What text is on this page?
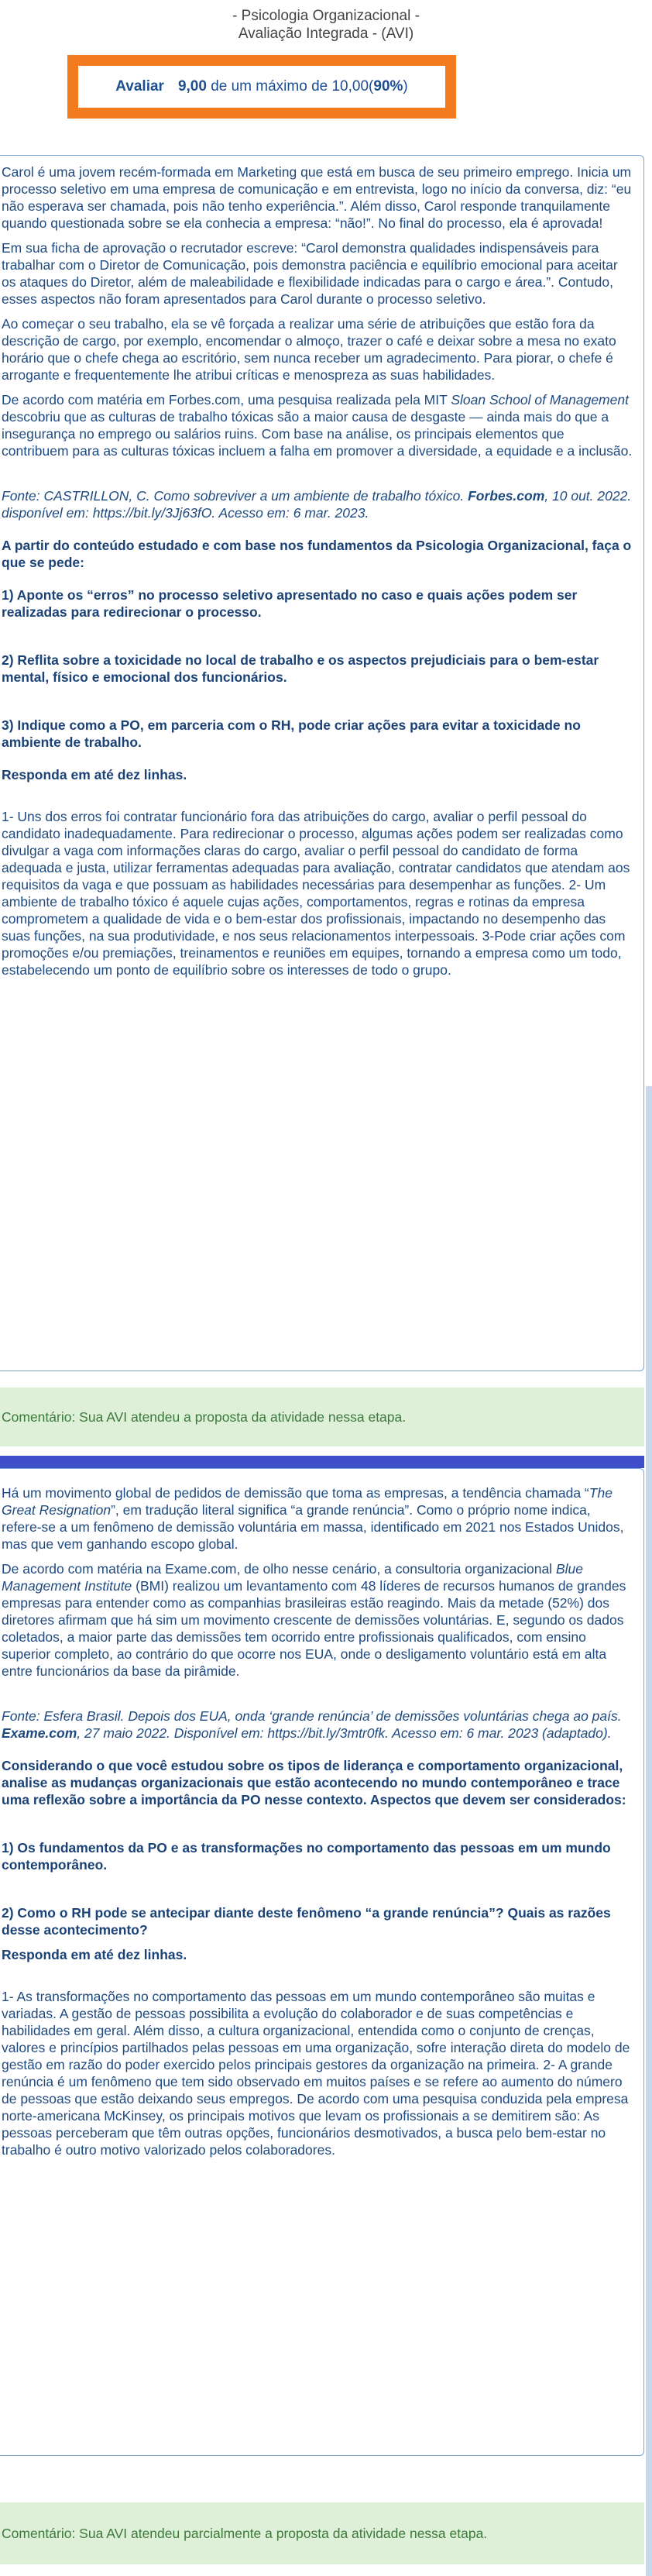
- Psicologia Organizacional -
Avaliação Integrada - (AVI)
Avaliar 9,00 de um máximo de 10,00(90%)

Carol é uma jovem recém-formada em Marketing que está em busca de seu primeiro emprego. Inicia um processo seletivo em uma empresa de comunicação e em entrevista, logo no início da conversa, diz: “eu não esperava ser chamada, pois não tenho experiência.”. Além disso, Carol responde tranquilamente quando questionada sobre se ela conhecia a empresa: “não!”. No final do processo, ela é aprovada!

Em sua ficha de aprovação o recrutador escreve: “Carol demonstra qualidades indispensáveis para trabalhar com o Diretor de Comunicação, pois demonstra paciência e equilíbrio emocional para aceitar os ataques do Diretor, além de maleabilidade e flexibilidade indicadas para o cargo e área.”. Contudo, esses aspectos não foram apresentados para Carol durante o processo seletivo.

Ao começar o seu trabalho, ela se vê forçada a realizar uma série de atribuições que estão fora da descrição de cargo, por exemplo, encomendar o almoço, trazer o café e deixar sobre a mesa no exato horário que o chefe chega ao escritório, sem nunca receber um agradecimento. Para piorar, o chefe é arrogante e frequentemente lhe atribui críticas e menospreza as suas habilidades.

De acordo com matéria em Forbes.com, uma pesquisa realizada pela MIT Sloan School of Management descobriu que as culturas de trabalho tóxicas são a maior causa de desgaste — ainda mais do que a insegurança no emprego ou salários ruins. Com base na análise, os principais elementos que contribuem para as culturas tóxicas incluem a falha em promover a diversidade, a equidade e a inclusão.

Fonte: CASTRILLON, C. Como sobreviver a um ambiente de trabalho tóxico. Forbes.com, 10 out. 2022. disponível em: https://bit.ly/3Jj63fO. Acesso em: 6 mar. 2023.

A partir do conteúdo estudado e com base nos fundamentos da Psicologia Organizacional, faça o que se pede:

1) Aponte os “erros” no processo seletivo apresentado no caso e quais ações podem ser realizadas para redirecionar o processo.

2) Reflita sobre a toxicidade no local de trabalho e os aspectos prejudiciais para o bem-estar mental, físico e emocional dos funcionários.

3) Indique como a PO, em parceria com o RH, pode criar ações para evitar a toxicidade no ambiente de trabalho.

Responda em até dez linhas.

1- Uns dos erros foi contratar funcionário fora das atribuições do cargo, avaliar o perfil pessoal do candidato inadequadamente. Para redirecionar o processo, algumas ações podem ser realizadas como divulgar a vaga com informações claras do cargo, avaliar o perfil pessoal do candidato de forma adequada e justa, utilizar ferramentas adequadas para avaliação, contratar candidatos que atendam aos requisitos da vaga e que possuam as habilidades necessárias para desempenhar as funções. 2- Um ambiente de trabalho tóxico é aquele cujas ações, comportamentos, regras e rotinas da empresa comprometem a qualidade de vida e o bem-estar dos profissionais, impactando no desempenho das suas funções, na sua produtividade, e nos seus relacionamentos interpessoais. 3-Pode criar ações com promoções e/ou premiações, treinamentos e reuniões em equipes, tornando a empresa como um todo, estabelecendo um ponto de equilíbrio sobre os interesses de todo o grupo.

Comentário: Sua AVI atendeu a proposta da atividade nessa etapa.

Há um movimento global de pedidos de demissão que toma as empresas, a tendência chamada “The Great Resignation”, em tradução literal significa “a grande renúncia”. Como o próprio nome indica, refere-se a um fenômeno de demissão voluntária em massa, identificado em 2021 nos Estados Unidos, mas que vem ganhando escopo global.

De acordo com matéria na Exame.com, de olho nesse cenário, a consultoria organizacional Blue Management Institute (BMI) realizou um levantamento com 48 líderes de recursos humanos de grandes empresas para entender como as companhias brasileiras estão reagindo. Mais da metade (52%) dos diretores afirmam que há sim um movimento crescente de demissões voluntárias. E, segundo os dados coletados, a maior parte das demissões tem ocorrido entre profissionais qualificados, com ensino superior completo, ao contrário do que ocorre nos EUA, onde o desligamento voluntário está em alta entre funcionários da base da pirâmide.

Fonte: Esfera Brasil. Depois dos EUA, onda ‘grande renúncia’ de demissões voluntárias chega ao país. Exame.com, 27 maio 2022. Disponível em: https://bit.ly/3mtr0fk. Acesso em: 6 mar. 2023 (adaptado).

Considerando o que você estudou sobre os tipos de liderança e comportamento organizacional, analise as mudanças organizacionais que estão acontecendo no mundo contemporâneo e trace uma reflexão sobre a importância da PO nesse contexto. Aspectos que devem ser considerados:

1) Os fundamentos da PO e as transformações no comportamento das pessoas em um mundo contemporâneo.

2) Como o RH pode se antecipar diante deste fenômeno “a grande renúncia”? Quais as razões desse acontecimento?

Responda em até dez linhas.

1- As transformações no comportamento das pessoas em um mundo contemporâneo são muitas e variadas. A gestão de pessoas possibilita a evolução do colaborador e de suas competências e habilidades em geral. Além disso, a cultura organizacional, entendida como o conjunto de crenças, valores e princípios partilhados pelas pessoas em uma organização, sofre interação direta do modelo de gestão em razão do poder exercido pelos principais gestores da organização na primeira. 2- A grande renúncia é um fenômeno que tem sido observado em muitos países e se refere ao aumento do número de pessoas que estão deixando seus empregos. De acordo com uma pesquisa conduzida pela empresa norte-americana McKinsey, os principais motivos que levam os profissionais a se demitirem são: As pessoas perceberam que têm outras opções, funcionários desmotivados, a busca pelo bem-estar no trabalho é outro motivo valorizado pelos colaboradores.

Comentário: Sua AVI atendeu parcialmente a proposta da atividade nessa etapa.
